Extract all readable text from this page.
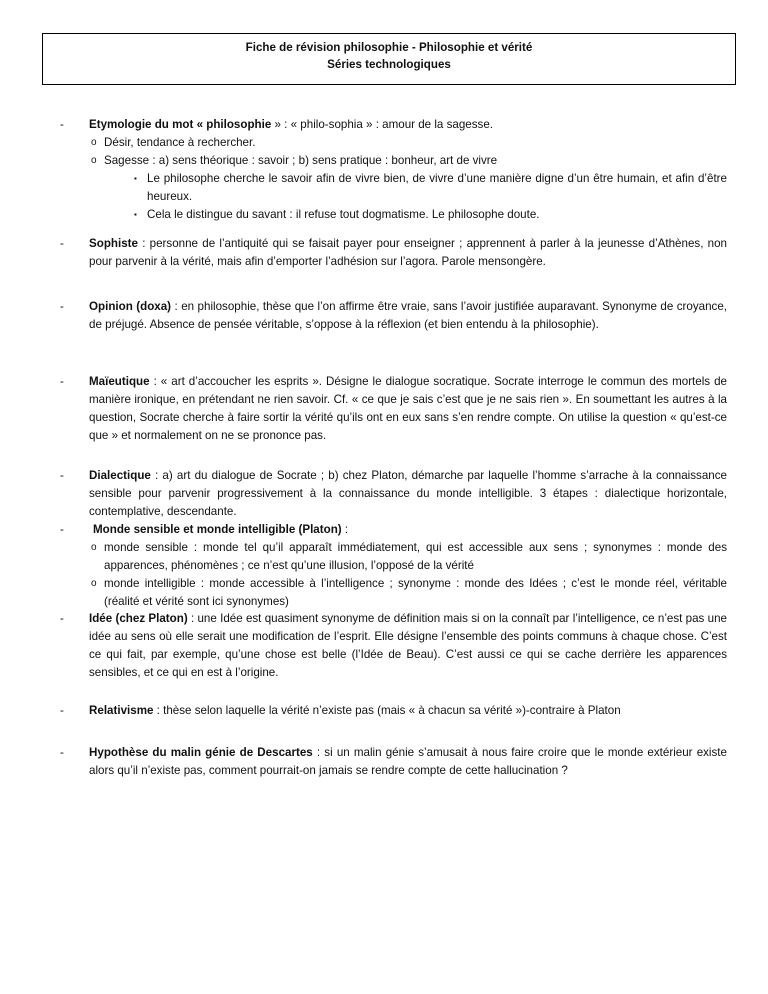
Fiche de révision philosophie - Philosophie et vérité
Séries technologiques
- Etymologie du mot « philosophie » : « philo-sophia » : amour de la sagesse.
o Désir, tendance à rechercher.
o Sagesse : a) sens théorique : savoir ; b) sens pratique : bonheur, art de vivre
▪ Le philosophe cherche le savoir afin de vivre bien, de vivre d’une manière digne d’un être humain, et afin d’être heureux.
▪ Cela le distingue du savant : il refuse tout dogmatisme. Le philosophe doute.
- Sophiste : personne de l’antiquité qui se faisait payer pour enseigner ; apprennent à parler à la jeunesse d’Athènes, non pour parvenir à la vérité, mais afin d’emporter l’adhésion sur l’agora. Parole mensongère.
- Opinion (doxa) : en philosophie, thèse que l’on affirme être vraie, sans l’avoir justifiée auparavant. Synonyme de croyance, de préjugé. Absence de pensée véritable, s’oppose à la réflexion (et bien entendu à la philosophie).
- Maïeutique : « art d’accoucher les esprits ». Désigne le dialogue socratique. Socrate interroge le commun des mortels de manière ironique, en prétendant ne rien savoir. Cf. « ce que je sais c’est que je ne sais rien ». En soumettant les autres à la question, Socrate cherche à faire sortir la vérité qu’ils ont en eux sans s’en rendre compte. On utilise la question « qu’est-ce que » et normalement on ne se prononce pas.
- Dialectique : a) art du dialogue de Socrate ; b) chez Platon, démarche par laquelle l’homme s’arrache à la connaissance sensible pour parvenir progressivement à la connaissance du monde intelligible. 3 étapes : dialectique horizontale, contemplative, descendante.
-	Monde sensible et monde intelligible (Platon) :
o monde sensible : monde tel qu’il apparaît immédiatement, qui est accessible aux sens ; synonymes : monde des apparences, phénomènes ; ce n’est qu’une illusion, l’opposé de la vérité
o monde intelligible : monde accessible à l’intelligence ; synonyme : monde des Idées ; c’est le monde réel, véritable (réalité et vérité sont ici synonymes)
- Idée (chez Platon) : une Idée est quasiment synonyme de définition mais si on la connaît par l’intelligence, ce n’est pas une idée au sens où elle serait une modification de l’esprit. Elle désigne l’ensemble des points communs à chaque chose. C’est ce qui fait, par exemple, qu’une chose est belle (l’Idée de Beau). C’est aussi ce qui se cache derrière les apparences sensibles, et ce qui en est à l’origine.
- Relativisme : thèse selon laquelle la vérité n’existe pas (mais « à chacun sa vérité »)-contraire à Platon
- Hypothèse du malin génie de Descartes : si un malin génie s’amusait à nous faire croire que le monde extérieur existe alors qu’il n’existe pas, comment pourrait-on jamais se rendre compte de cette hallucination ?
